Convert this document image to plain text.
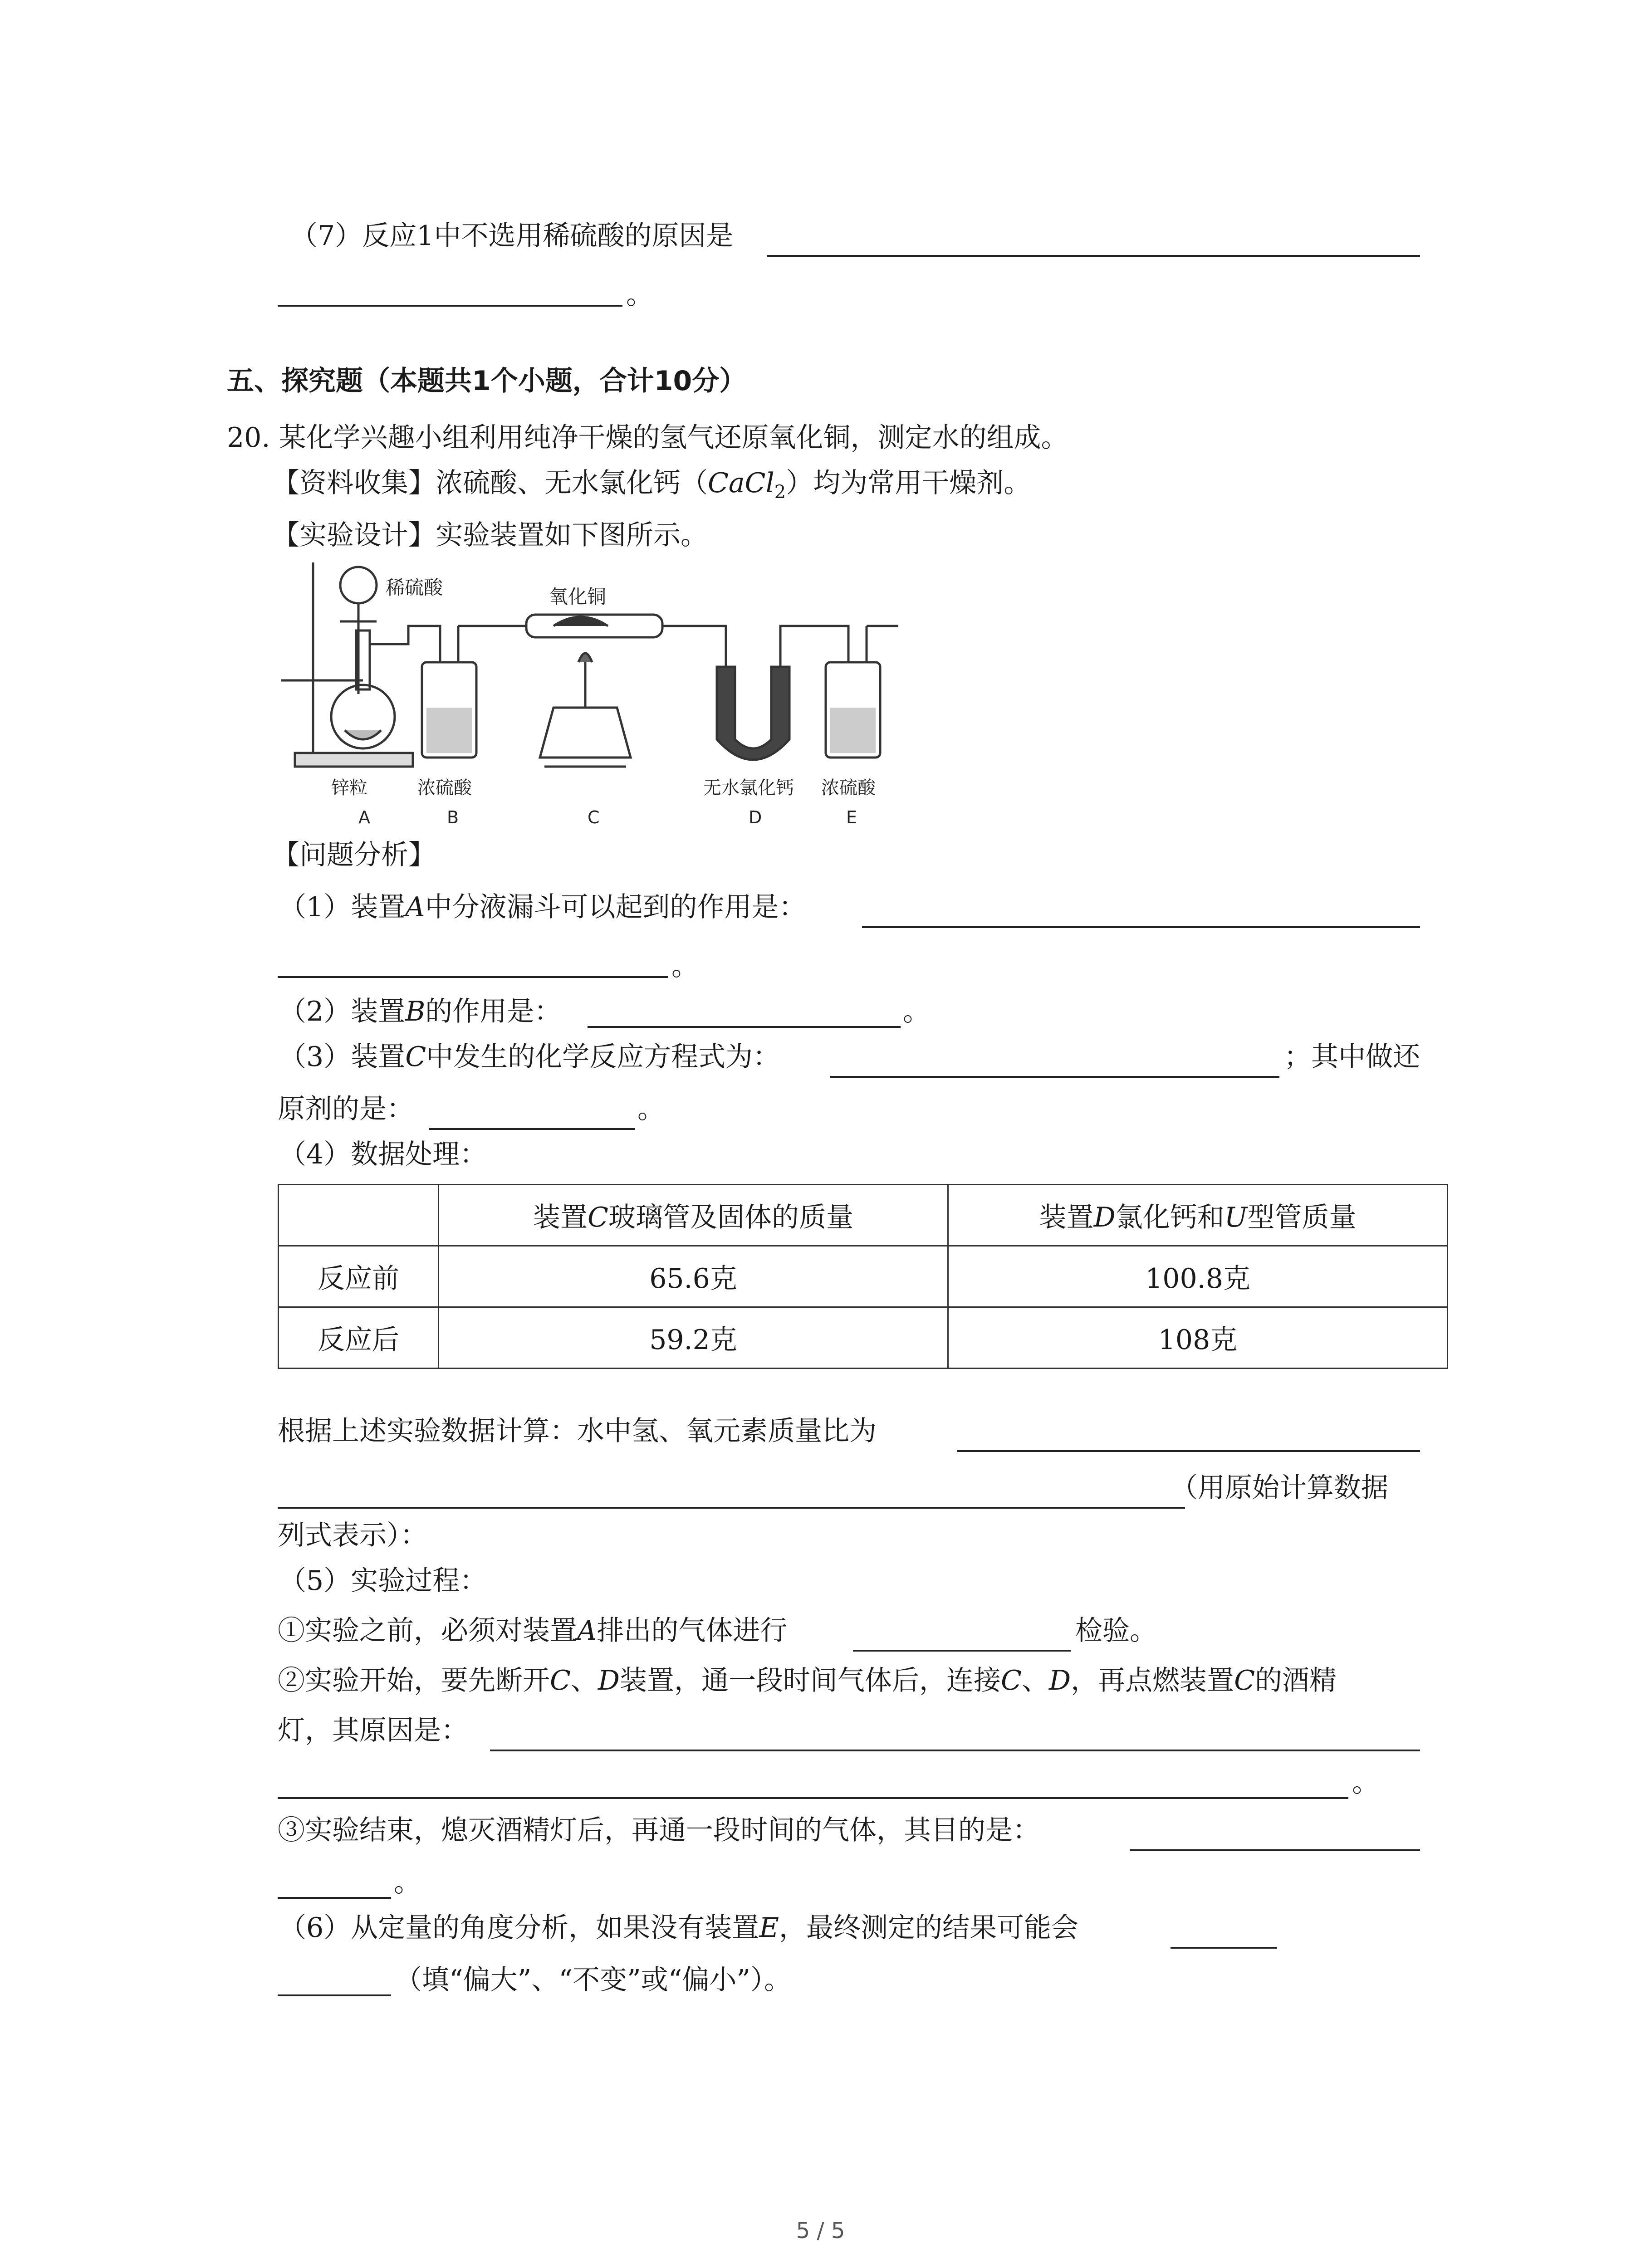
（7）反应1中不选用稀硫酸的原因是
。
五、探究题（本题共1个小题，合计10分）
20. 某化学兴趣小组利用纯净干燥的氢气还原氧化铜，测定水的组成。
【资料收集】浓硫酸、无水氯化钙（CaCl$_2$）均为常用干燥剂。
【实验设计】实验装置如下图所示。
稀硫酸	氧化铜
锌粒	浓硫酸	无水氯化钙 浓硫酸
A	B	C	D	E
【问题分析】
（1）装置A中分液漏斗可以起到的作用是：
。
（2）装置B的作用是：	。
（3）装置C中发生的化学反应方程式为：	；其中做还
原剂的是：	。
（4）数据处理：
	装置C玻璃管及固体的质量	装置D氯化钙和U型管质量
反应前	65.6克	100.8克
反应后	59.2克	108克
根据上述实验数据计算：水中氢、氧元素质量比为
（用原始计算数据
列式表示）：
（5）实验过程：
①实验之前，必须对装置A排出的气体进行	检验。
②实验开始，要先断开C、D装置，通一段时间气体后，连接C、D，再点燃装置C的酒精
灯，其原因是：
。
③实验结束，熄灭酒精灯后，再通一段时间的气体，其目的是：
。
（6）从定量的角度分析，如果没有装置E，最终测定的结果可能会
（填“偏大”、“不变”或“偏小”）。
5 / 5
